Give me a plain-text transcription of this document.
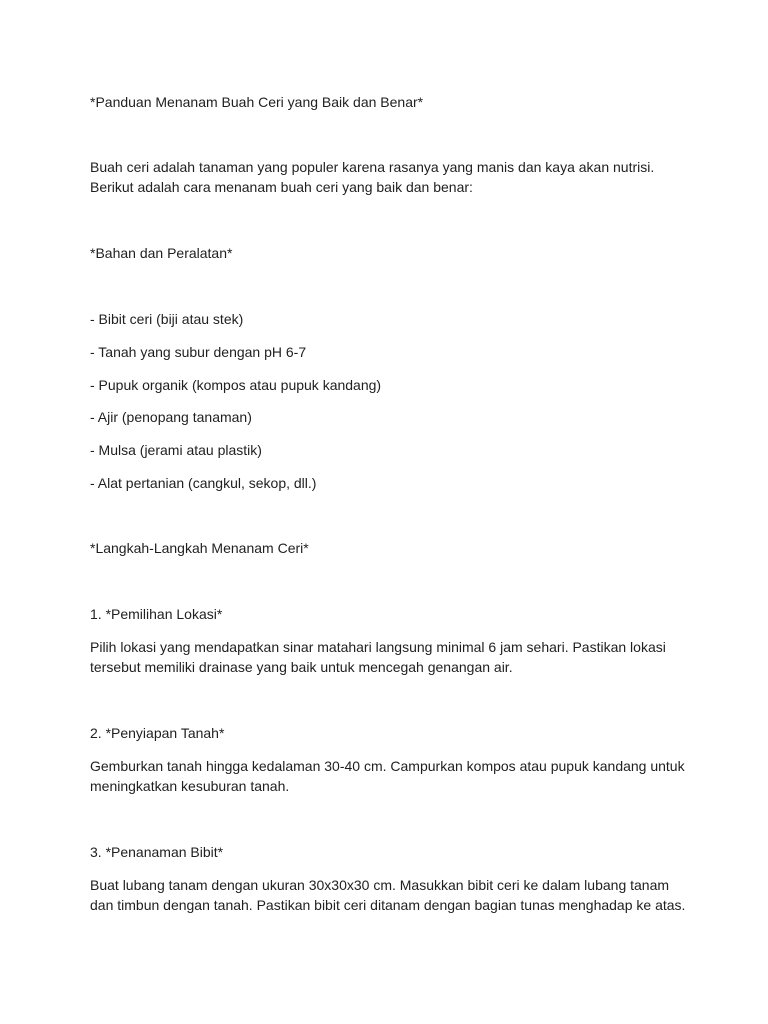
*Panduan Menanam Buah Ceri yang Baik dan Benar*

Buah ceri adalah tanaman yang populer karena rasanya yang manis dan kaya akan nutrisi. Berikut adalah cara menanam buah ceri yang baik dan benar:

*Bahan dan Peralatan*

- Bibit ceri (biji atau stek)

- Tanah yang subur dengan pH 6-7

- Pupuk organik (kompos atau pupuk kandang)

- Ajir (penopang tanaman)

- Mulsa (jerami atau plastik)

- Alat pertanian (cangkul, sekop, dll.)

*Langkah-Langkah Menanam Ceri*

1. *Pemilihan Lokasi*

Pilih lokasi yang mendapatkan sinar matahari langsung minimal 6 jam sehari. Pastikan lokasi tersebut memiliki drainase yang baik untuk mencegah genangan air.

2. *Penyiapan Tanah*

Gemburkan tanah hingga kedalaman 30-40 cm. Campurkan kompos atau pupuk kandang untuk meningkatkan kesuburan tanah.

3. *Penanaman Bibit*

Buat lubang tanam dengan ukuran 30x30x30 cm. Masukkan bibit ceri ke dalam lubang tanam dan timbun dengan tanah. Pastikan bibit ceri ditanam dengan bagian tunas menghadap ke atas.
